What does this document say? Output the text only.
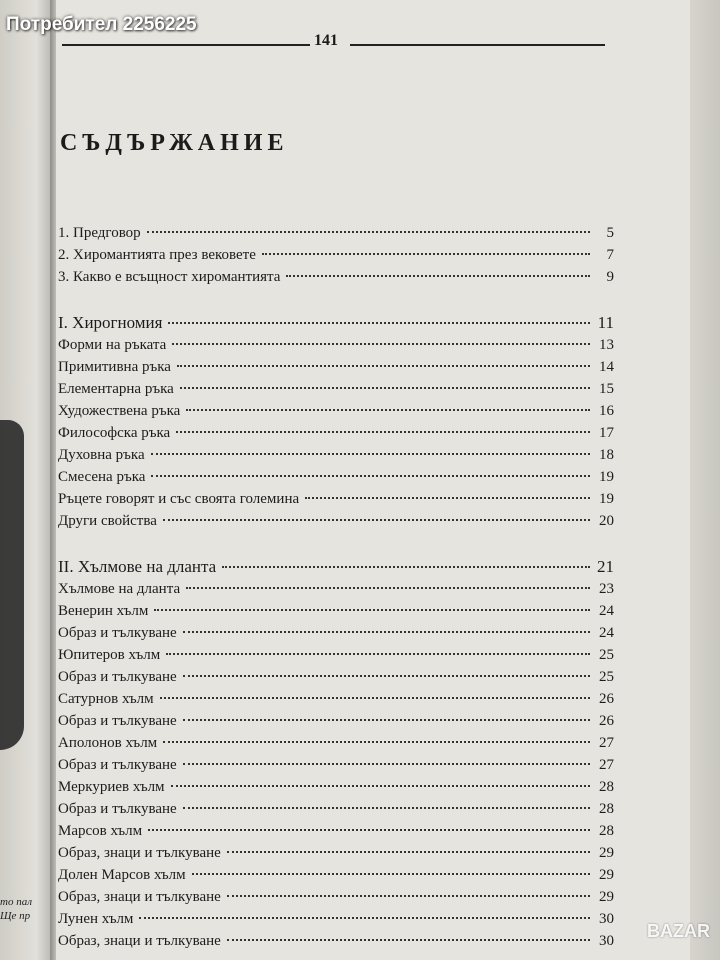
то пал
Ще пр
141
СЪДЪРЖАНИЕ
1. Предговор	5
2. Хиромантията през вековете	7
3. Какво е всъщност хиромантията	9
I. Хирогномия	11
Форми на ръката	13
Примитивна ръка	14
Елементарна ръка	15
Художествена ръка	16
Философска ръка	17
Духовна ръка	18
Смесена ръка	19
Ръцете говорят и със своята големина	19
Други свойства	20
II. Хълмове на дланта	21
Хълмове на дланта	23
Венерин хълм	24
Образ и тълкуване	24
Юпитеров хълм	25
Образ и тълкуване	25
Сатурнов хълм	26
Образ и тълкуване	26
Аполонов хълм	27
Образ и тълкуване	27
Меркуриев хълм	28
Образ и тълкуване	28
Марсов хълм	28
Образ, знаци и тълкуване	29
Долен Марсов хълм	29
Образ, знаци и тълкуване	29
Лунен хълм	30
Образ, знаци и тълкуване	30
Потребител 2256225
BAZAR
